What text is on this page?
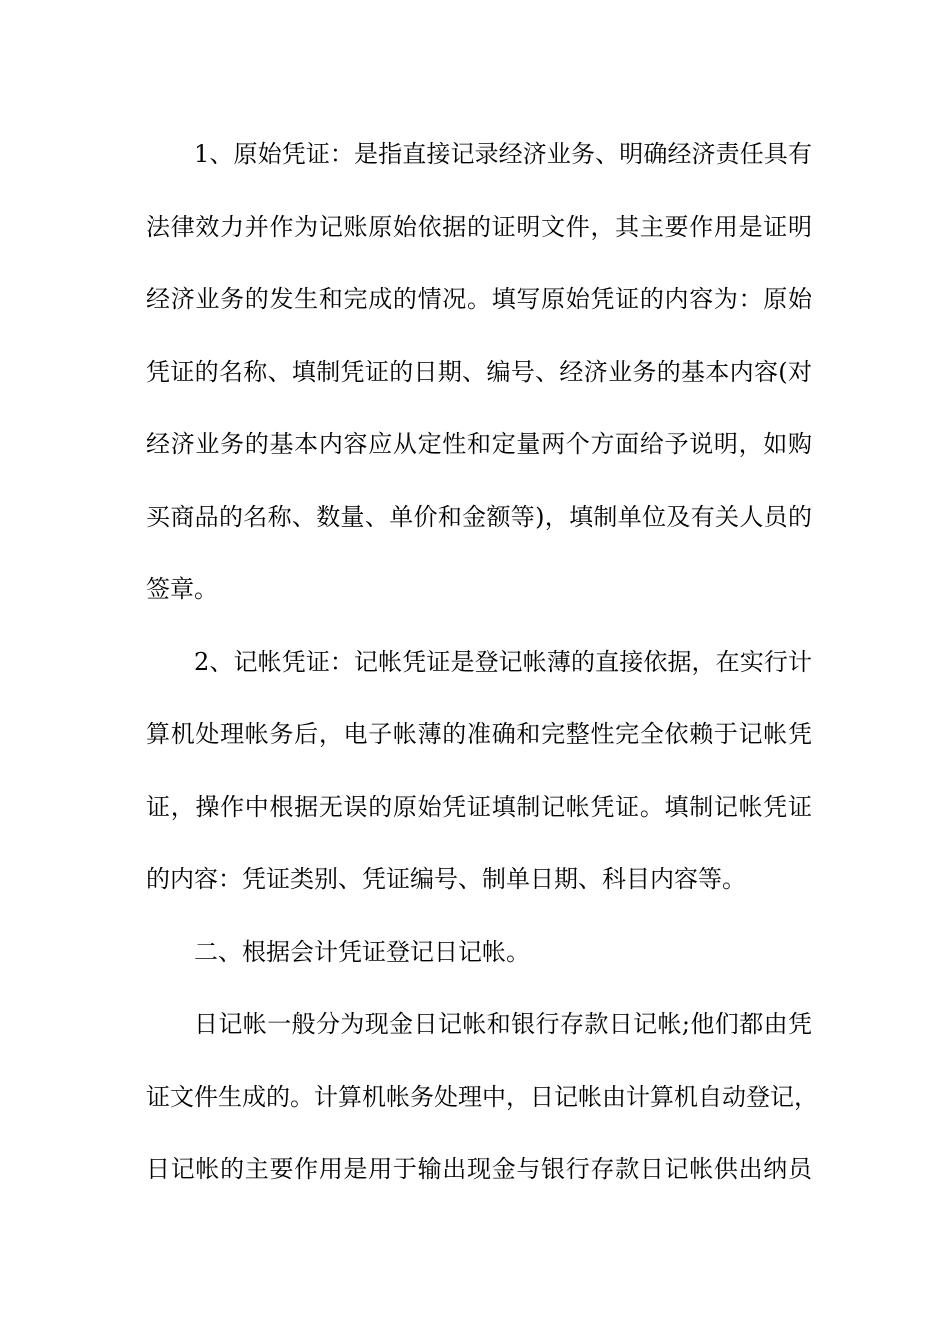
1、原始凭证：是指直接记录经济业务、明确经济责任具有
法律效力并作为记账原始依据的证明文件，其主要作用是证明
经济业务的发生和完成的情况。填写原始凭证的内容为：原始
凭证的名称、填制凭证的日期、编号、经济业务的基本内容(对
经济业务的基本内容应从定性和定量两个方面给予说明，如购
买商品的名称、数量、单价和金额等)，填制单位及有关人员的
签章。
2、记帐凭证：记帐凭证是登记帐薄的直接依据，在实行计
算机处理帐务后，电子帐薄的准确和完整性完全依赖于记帐凭
证，操作中根据无误的原始凭证填制记帐凭证。填制记帐凭证
的内容：凭证类别、凭证编号、制单日期、科目内容等。
二、根据会计凭证登记日记帐。
日记帐一般分为现金日记帐和银行存款日记帐;他们都由凭
证文件生成的。计算机帐务处理中，日记帐由计算机自动登记，
日记帐的主要作用是用于输出现金与银行存款日记帐供出纳员
